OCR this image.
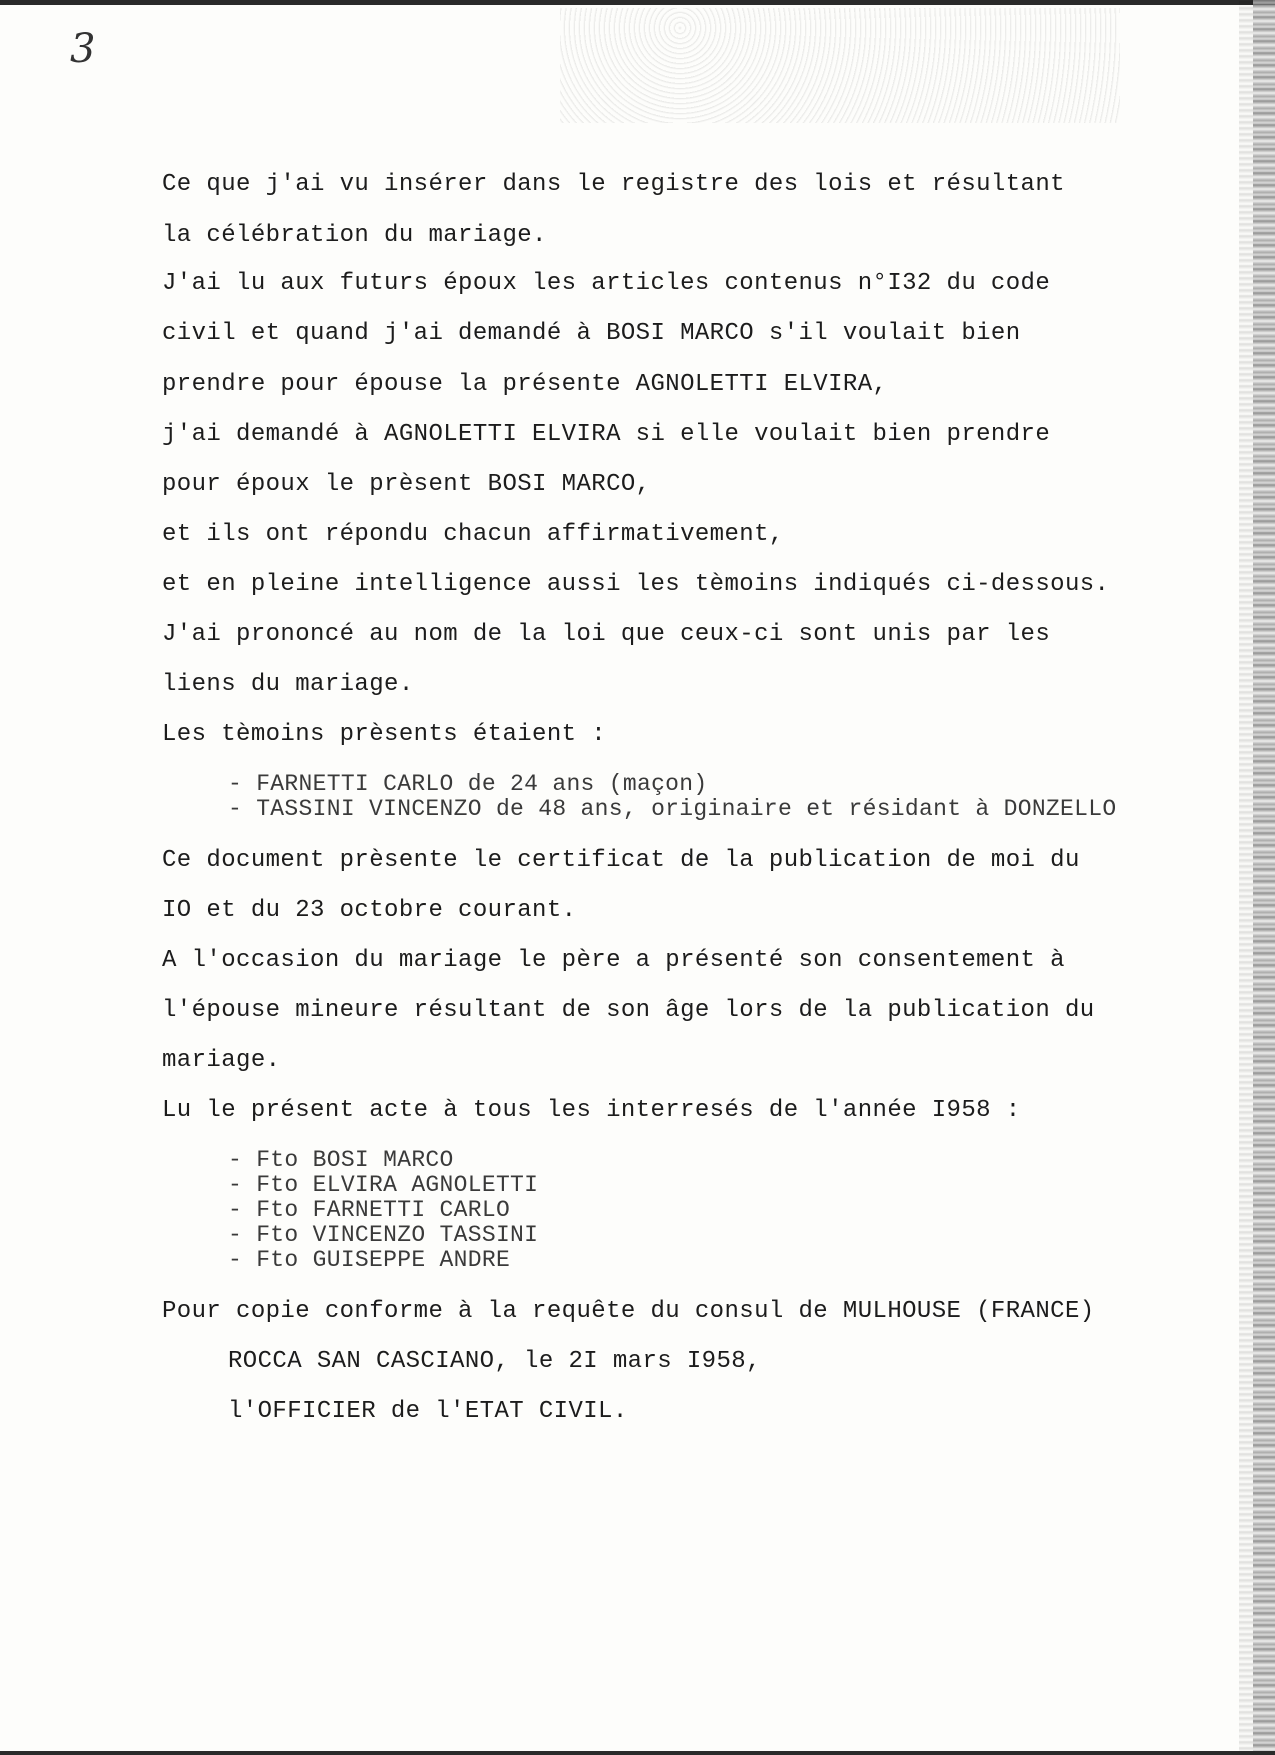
3
Ce que j'ai vu insérer dans le registre des lois et résultant
la célébration du mariage.
J'ai lu aux futurs époux les articles contenus n°I32 du code
civil et quand j'ai demandé à BOSI MARCO s'il voulait bien
prendre pour épouse la présente AGNOLETTI ELVIRA,
j'ai demandé à AGNOLETTI ELVIRA si elle voulait bien prendre
pour époux le prèsent BOSI MARCO,
et ils ont répondu chacun affirmativement,
et en pleine intelligence aussi les tèmoins indiqués ci-dessous.
J'ai prononcé au nom de la loi que ceux-ci sont unis par les
liens du mariage.
Les tèmoins prèsents étaient :
- FARNETTI CARLO de 24 ans (maçon)
- TASSINI VINCENZO de 48 ans, originaire et résidant à DONZELLO
Ce document prèsente le certificat de la publication de moi du
IO et du 23 octobre courant.
A l'occasion du mariage le père a présenté son consentement à
l'épouse mineure résultant de son âge lors de la publication du
mariage.
Lu le présent acte à tous les interresés de l'année I958 :
- Fto BOSI MARCO
- Fto ELVIRA AGNOLETTI
- Fto FARNETTI CARLO
- Fto VINCENZO TASSINI
- Fto GUISEPPE ANDRE
Pour copie conforme à la requête du consul de MULHOUSE (FRANCE)
ROCCA SAN CASCIANO, le 2I mars I958,
l'OFFICIER de l'ETAT CIVIL.
